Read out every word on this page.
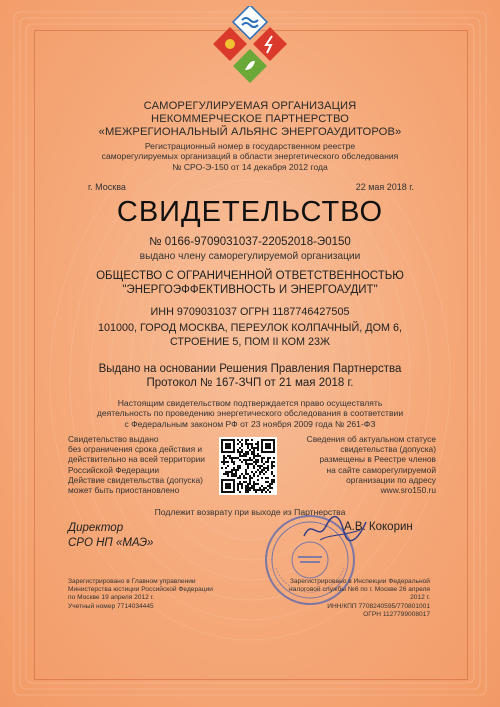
САМОРЕГУЛИРУЕМАЯ ОРГАНИЗАЦИЯ
НЕКОММЕРЧЕСКОЕ ПАРТНЕРСТВО
«МЕЖРЕГИОНАЛЬНЫЙ АЛЬЯНС ЭНЕРГОАУДИТОРОВ»
Регистрационный номер в государственном реестре
саморегулируемых организаций в области энергетического обследования
№ СРО-Э-150 от 14 декабря 2012 года
г. Москва	22 мая 2018 г.
СВИДЕТЕЛЬСТВО
№ 0166-9709031037-22052018-Э0150
выдано члену саморегулируемой организации
ОБЩЕСТВО С ОГРАНИЧЕННОЙ ОТВЕТСТВЕННОСТЬЮ
"ЭНЕРГОЭФФЕКТИВНОСТЬ И ЭНЕРГОАУДИТ"
ИНН 9709031037 ОГРН 1187746427505
101000, ГОРОД МОСКВА, ПЕРЕУЛОК КОЛПАЧНЫЙ, ДОМ 6,
СТРОЕНИЕ 5, ПОМ II КОМ 23Ж
Выдано на основании Решения Правления Партнерства
Протокол № 167-ЗЧП от 21 мая 2018 г.
Настоящим свидетельством подтверждается право осуществлять
деятельность по проведению энергетического обследования в соответствии
с Федеральным законом РФ от 23 ноября 2009 года № 261-ФЗ
Свидетельство выдано
без ограничения срока действия и
действительно на всей территории
Российской Федерации
Действие свидетельства (допуска)
может быть приостановлено
Сведения об актуальном статусе
свидетельства (допуска)
размещены в Реестре членов
на сайте саморегулируемой
организации по адресу
www.sro150.ru
Подлежит возврату при выходе из Партнерства
Директор
СРО НП «МАЭ»
А.В. Кокорин
Зарегистрировано в Главном управлении
Министерства юстиции Российской Федерации
по Москве 19 апреля 2012 г.
Учетный номер 7714034445
Зарегистрировано в Инспекции Федеральной
налоговой службы №6 по г. Москве 26 апреля 2012 г.
ИНН/КПП 7708240595/770801001
ОГРН 1127799008017
